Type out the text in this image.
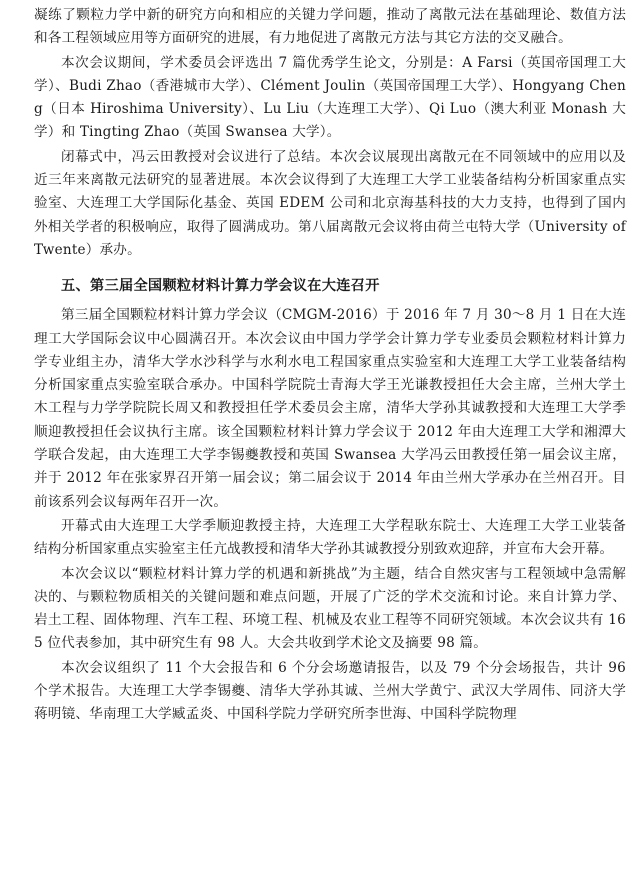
凝练了颗粒力学中新的研究方向和相应的关键力学问题，推动了离散元法在基础理论、数值方法和各工程领域应用等方面研究的进展，有力地促进了离散元方法与其它方法的交叉融合。

本次会议期间，学术委员会评选出 7 篇优秀学生论文，分别是：A Farsi（英国帝国理工大学）、Budi Zhao（香港城市大学）、Clément Joulin（英国帝国理工大学）、Hongyang Cheng（日本 Hiroshima University）、Lu Liu（大连理工大学）、Qi Luo（澳大利亚 Monash 大学）和 Tingting Zhao（英国 Swansea 大学）。

闭幕式中，冯云田教授对会议进行了总结。本次会议展现出离散元在不同领域中的应用以及近三年来离散元法研究的显著进展。本次会议得到了大连理工大学工业装备结构分析国家重点实验室、大连理工大学国际化基金、英国 EDEM 公司和北京海基科技的大力支持，也得到了国内外相关学者的积极响应，取得了圆满成功。第八届离散元会议将由荷兰屯特大学（University of Twente）承办。

五、第三届全国颗粒材料计算力学会议在大连召开

第三届全国颗粒材料计算力学会议（CMGM-2016）于 2016 年 7 月 30～8 月 1 日在大连理工大学国际会议中心圆满召开。本次会议由中国力学学会计算力学专业委员会颗粒材料计算力学专业组主办，清华大学水沙科学与水利水电工程国家重点实验室和大连理工大学工业装备结构分析国家重点实验室联合承办。中国科学院院士青海大学王光谦教授担任大会主席，兰州大学土木工程与力学学院院长周又和教授担任学术委员会主席，清华大学孙其诚教授和大连理工大学季顺迎教授担任会议执行主席。该全国颗粒材料计算力学会议于 2012 年由大连理工大学和湘潭大学联合发起，由大连理工大学李锡夔教授和英国 Swansea 大学冯云田教授任第一届会议主席，并于 2012 年在张家界召开第一届会议；第二届会议于 2014 年由兰州大学承办在兰州召开。目前该系列会议每两年召开一次。

开幕式由大连理工大学季顺迎教授主持，大连理工大学程耿东院士、大连理工大学工业装备结构分析国家重点实验室主任亢战教授和清华大学孙其诚教授分别致欢迎辞，并宣布大会开幕。

本次会议以“颗粒材料计算力学的机遇和新挑战”为主题，结合自然灾害与工程领域中急需解决的、与颗粒物质相关的关键问题和难点问题，开展了广泛的学术交流和讨论。来自计算力学、岩土工程、固体物理、汽车工程、环境工程、机械及农业工程等不同研究领域。本次会议共有 165 位代表参加，其中研究生有 98 人。大会共收到学术论文及摘要 98 篇。

本次会议组织了 11 个大会报告和 6 个分会场邀请报告，以及 79 个分会场报告，共计 96 个学术报告。大连理工大学李锡夔、清华大学孙其诚、兰州大学黄宁、武汉大学周伟、同济大学蒋明镜、华南理工大学臧孟炎、中国科学院力学研究所李世海、中国科学院物理
